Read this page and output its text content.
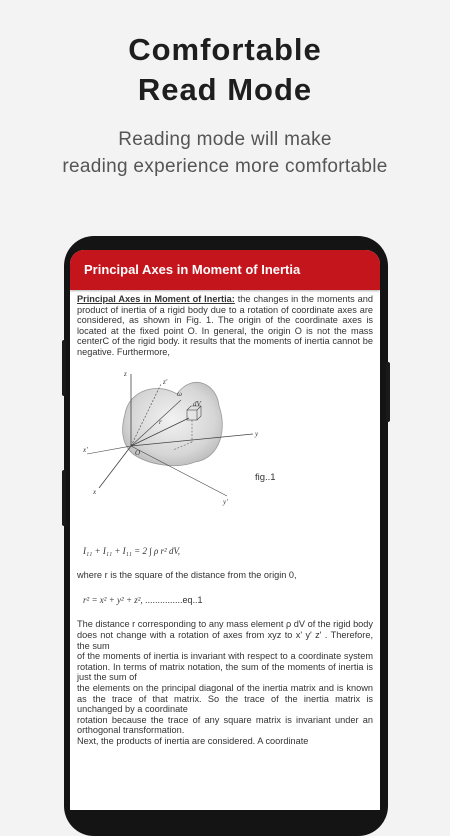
Comfortable
Read Mode
Reading mode will make
reading experience more comfortable
Principal Axes in Moment of Inertia

Principal Axes in Moment of Inertia: the changes in the moments and product of inertia of a rigid body due to a rotation of coordinate axes are considered, as shown in Fig. 1. The origin of the coordinate axes is located at the fixed point O. In general, the origin O is not the mass centerC of the rigid body. it results that the moments of inertia cannot be negative. Furthermore,

z
z'
ω
y
y'
x
x'	O
r
dV
fig..1
I₁₁ + I₁₁ + I₁₁ = 2 ∫ ρ r² dV,

where r is the square of the distance from the origin 0,

r² = x² + y² + z², ...............eq..1

The distance r corresponding to any mass element ρ dV of the rigid body does not change with a rotation of axes from xyz to x' y' z' . Therefore, the sum

of the moments of inertia is invariant with respect to a coordinate system rotation. In terms of matrix notation, the sum of the moments of inertia is just the sum of

the elements on the principal diagonal of the inertia matrix and is known as the trace of that matrix. So the trace of the inertia matrix is unchanged by a coordinate

rotation because the trace of any square matrix is invariant under an orthogonal transformation.

Next, the products of inertia are considered. A coordinate
